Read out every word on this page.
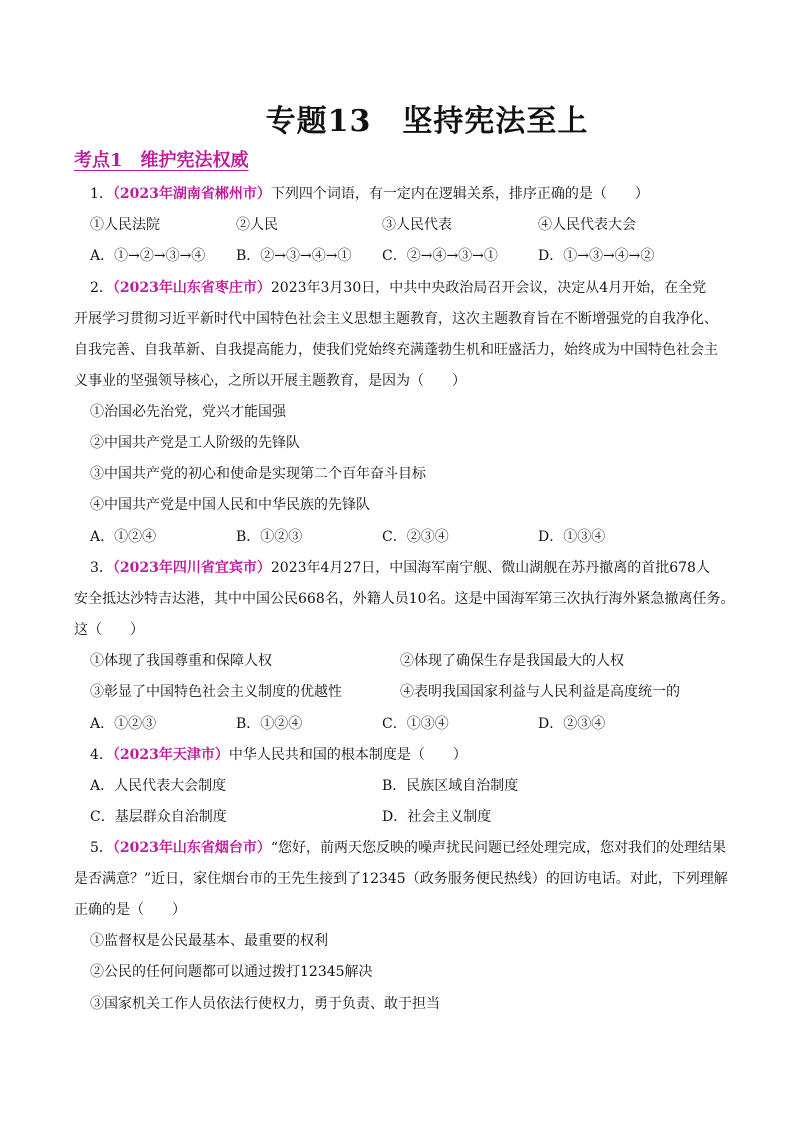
专题13　坚持宪法至上
考点1　维护宪法权威
1．（2023年湖南省郴州市）下列四个词语，有一定内在逻辑关系，排序正确的是（　　）
①人民法院	②人民	③人民代表	④人民代表大会
A．①→②→③→④	B．②→③→④→①	C．②→④→③→①	D．①→③→④→②
2．（2023年山东省枣庄市）2023年3月30日，中共中央政治局召开会议，决定从4月开始，在全党
开展学习贯彻习近平新时代中国特色社会主义思想主题教育，这次主题教育旨在不断增强党的自我净化、
自我完善、自我革新、自我提高能力，使我们党始终充满蓬勃生机和旺盛活力，始终成为中国特色社会主
义事业的坚强领导核心，之所以开展主题教育，是因为（　　）
①治国必先治党，党兴才能国强
②中国共产党是工人阶级的先锋队
③中国共产党的初心和使命是实现第二个百年奋斗目标
④中国共产党是中国人民和中华民族的先锋队
A．①②④	B．①②③	C．②③④	D．①③④
3．（2023年四川省宜宾市）2023年4月27日，中国海军南宁舰、微山湖舰在苏丹撤离的首批678人
安全抵达沙特吉达港，其中中国公民668名，外籍人员10名。这是中国海军第三次执行海外紧急撤离任务。
这（　　）
①体现了我国尊重和保障人权	②体现了确保生存是我国最大的人权
③彰显了中国特色社会主义制度的优越性	④表明我国国家利益与人民利益是高度统一的
A．①②③	B．①②④	C．①③④	D．②③④
4．（2023年天津市）中华人民共和国的根本制度是（　　）
A．人民代表大会制度	B．民族区域自治制度
C．基层群众自治制度	D．社会主义制度
5．（2023年山东省烟台市）“您好，前两天您反映的噪声扰民问题已经处理完成，您对我们的处理结果
是否满意？”近日，家住烟台市的王先生接到了12345（政务服务便民热线）的回访电话。对此，下列理解
正确的是（　　）
①监督权是公民最基本、最重要的权利
②公民的任何问题都可以通过拨打12345解决
③国家机关工作人员依法行使权力，勇于负责、敢于担当
